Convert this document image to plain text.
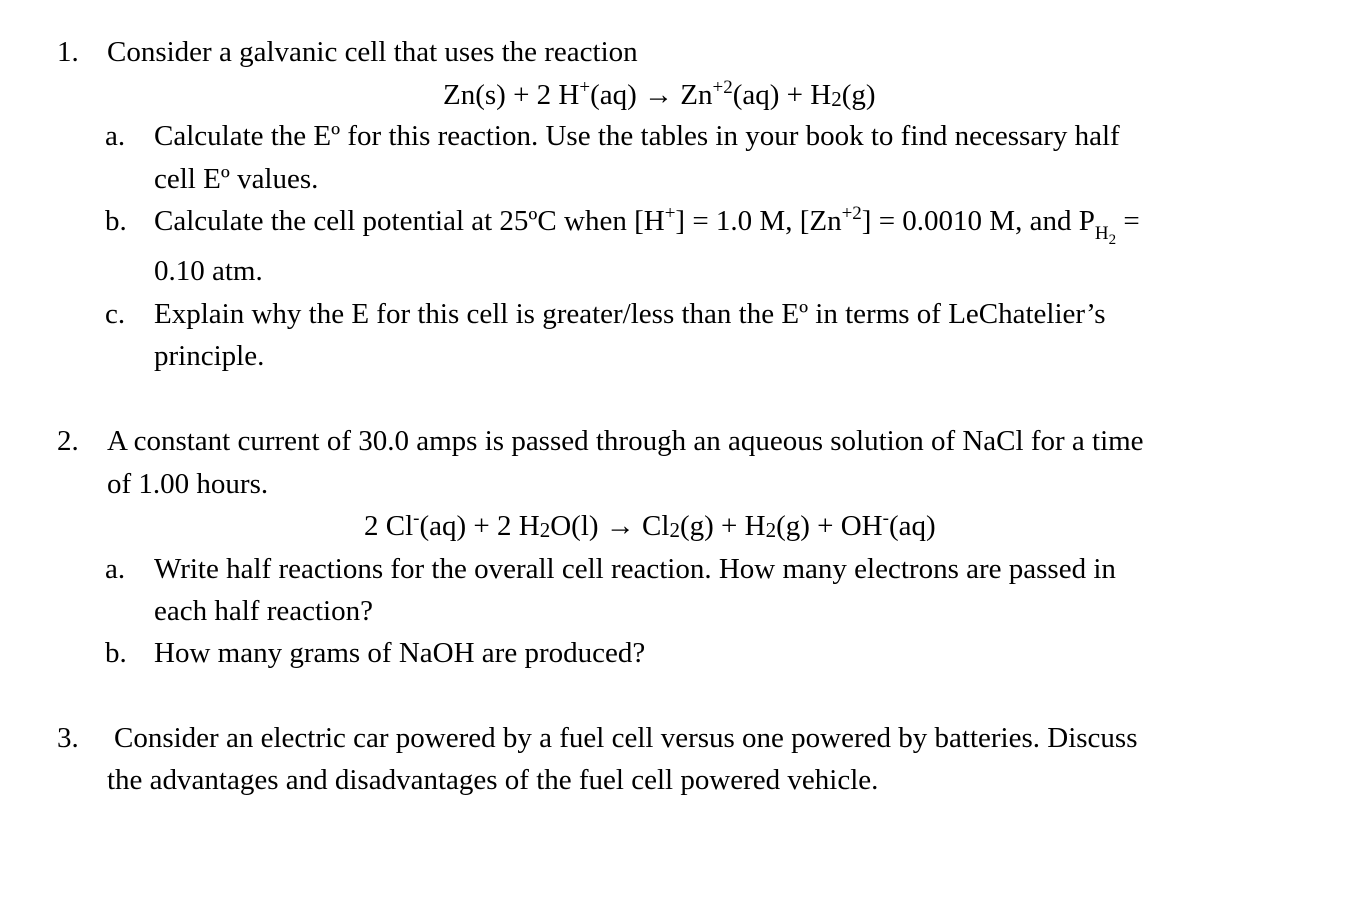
1. Consider a galvanic cell that uses the reaction
Zn(s) + 2 $H^+(aq) \to Zn^{+2}(aq) + H2(g)$
a. Calculate the Eº for this reaction. Use the tables in your book to find necessary half
cell Eº values.
b. Calculate the cell potential at 25ºC when [H+] = 1.0 M, $[Zn^{+2}] = 0.0010$ M, and $P_{H_2}$ =
0.10 atm.
c. Explain why the E for this cell is greater/less than the Eº in terms of LeChatelier’s
principle.
2. A constant current of 30.0 amps is passed through an aqueous solution of NaCl for a time
of 1.00 hours.
2 Cl-(aq) + 2 H2O(l) → Cl2(g) + H2(g) + OH-(aq)
a. Write half reactions for the overall cell reaction. How many electrons are passed in
each half reaction?
b. How many grams of NaOH are produced?
3. Consider an electric car powered by a fuel cell versus one powered by batteries. Discuss
the advantages and disadvantages of the fuel cell powered vehicle.
